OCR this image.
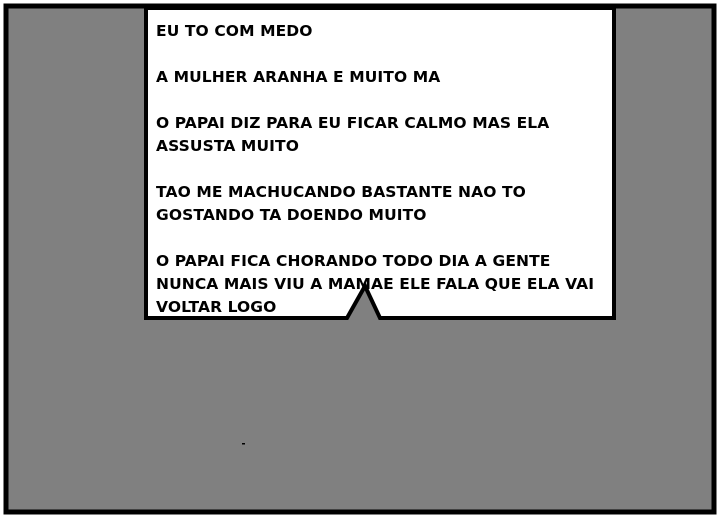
EU TO COM MEDO

A MULHER ARANHA E MUITO MA

O PAPAI DIZ PARA EU FICAR CALMO MAS ELA ASSUSTA MUITO

TAO ME MACHUCANDO BASTANTE NAO TO GOSTANDO TA DOENDO MUITO

O PAPAI FICA CHORANDO TODO DIA A GENTE NUNCA MAIS VIU A MAMAE ELE FALA QUE ELA VAI VOLTAR LOGO
